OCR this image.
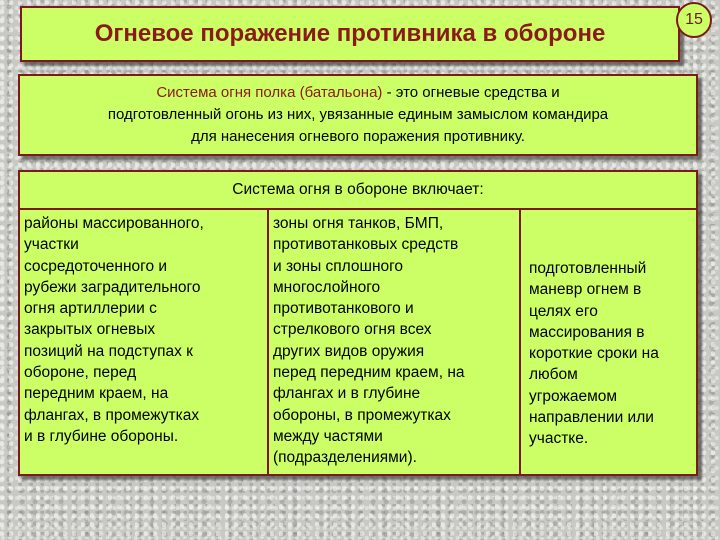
Огневое поражение противника в обороне
15
Система огня полка (батальона) - это огневые средства и
подготовленный огонь из них, увязанные единым замыслом командира
для нанесения огневого поражения противнику.
Система огня в обороне включает:
районы массированного,
участки
сосредоточенного и
рубежи заградительного
огня артиллерии с
закрытых огневых
позиций на подступах к
обороне, перед
передним краем, на
флангах, в промежутках
и в глубине обороны.
зоны огня танков, БМП,
противотанковых средств
и зоны сплошного
многослойного
противотанкового и
стрелкового огня всех
других видов оружия
перед передним краем, на
флангах и в глубине
обороны, в промежутках
между частями
(подразделениями).
подготовленный
маневр огнем в
целях его
массирования в
короткие сроки на
любом
угрожаемом
направлении или
участке.
